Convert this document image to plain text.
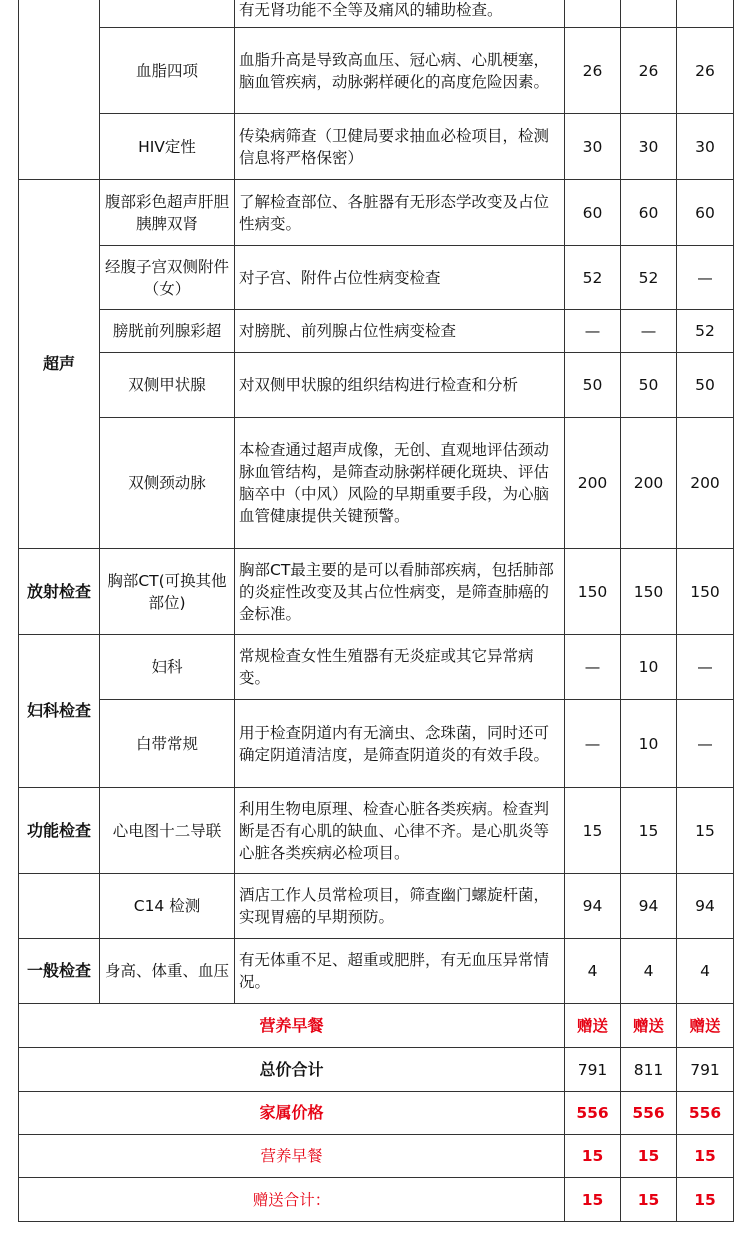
		有无肾功能不全等及痛风的辅助检查。			
	血脂四项	血脂升高是导致高血压、冠心病、心肌梗塞，脑血管疾病，动脉粥样硬化的高度危险因素。	26	26	26
	HIV定性	传染病筛查（卫健局要求抽血必检项目，检测信息将严格保密）	30	30	30
超声	腹部彩色超声肝胆胰脾双肾	了解检查部位、各脏器有无形态学改变及占位性病变。	60	60	60
	经腹子宫双侧附件（女）	对子宫、附件占位性病变检查	52	52	—
	膀胱前列腺彩超	对膀胱、前列腺占位性病变检查	—	—	52
	双侧甲状腺	对双侧甲状腺的组织结构进行检查和分析	50	50	50
	双侧颈动脉	本检查通过超声成像，无创、直观地评估颈动脉血管结构，是筛查动脉粥样硬化斑块、评估脑卒中（中风）风险的早期重要手段，为心脑血管健康提供关键预警。	200	200	200
放射检查	胸部CT(可换其他部位)	胸部CT最主要的是可以看肺部疾病，包括肺部的炎症性改变及其占位性病变，是筛查肺癌的金标准。	150	150	150
妇科检查	妇科	常规检查女性生殖器有无炎症或其它异常病变。	—	10	—
	白带常规	用于检查阴道内有无滴虫、念珠菌，同时还可确定阴道清洁度，是筛查阴道炎的有效手段。	—	10	—
功能检查	心电图十二导联	利用生物电原理、检查心脏各类疾病。检查判断是否有心肌的缺血、心律不齐。是心肌炎等心脏各类疾病必检项目。	15	15	15
	C14 检测	酒店工作人员常检项目，筛查幽门螺旋杆菌，实现胃癌的早期预防。	94	94	94
一般检查	身高、体重、血压	有无体重不足、超重或肥胖，有无血压异常情况。	4	4	4
营养早餐			赠送	赠送	赠送
总价合计			791	811	791
家属价格			556	556	556
营养早餐			15	15	15
赠送合计：			15	15	15
